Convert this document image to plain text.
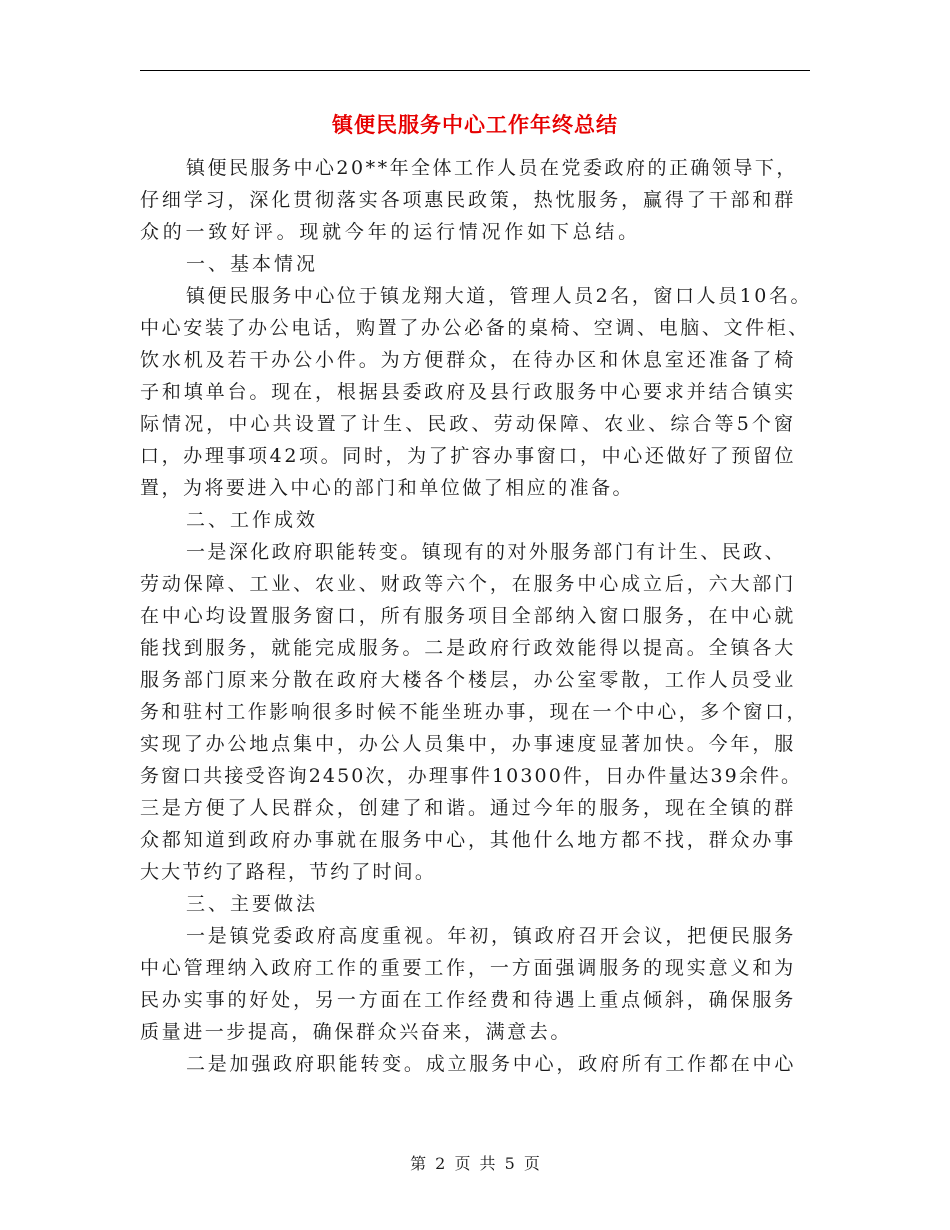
镇便民服务中心工作年终总结
镇便民服务中心20**年全体工作人员在党委政府的正确领导下，
仔细学习，深化贯彻落实各项惠民政策，热忱服务，赢得了干部和群
众的一致好评。现就今年的运行情况作如下总结。
一、基本情况
镇便民服务中心位于镇龙翔大道，管理人员2名，窗口人员10名。
中心安装了办公电话，购置了办公必备的桌椅、空调、电脑、文件柜、
饮水机及若干办公小件。为方便群众，在待办区和休息室还准备了椅
子和填单台。现在，根据县委政府及县行政服务中心要求并结合镇实
际情况，中心共设置了计生、民政、劳动保障、农业、综合等5个窗
口，办理事项42项。同时，为了扩容办事窗口，中心还做好了预留位
置，为将要进入中心的部门和单位做了相应的准备。
二、工作成效
一是深化政府职能转变。镇现有的对外服务部门有计生、民政、
劳动保障、工业、农业、财政等六个，在服务中心成立后，六大部门
在中心均设置服务窗口，所有服务项目全部纳入窗口服务，在中心就
能找到服务，就能完成服务。二是政府行政效能得以提高。全镇各大
服务部门原来分散在政府大楼各个楼层，办公室零散，工作人员受业
务和驻村工作影响很多时候不能坐班办事，现在一个中心，多个窗口，
实现了办公地点集中，办公人员集中，办事速度显著加快。今年，服
务窗口共接受咨询2450次，办理事件10300件，日办件量达39余件。
三是方便了人民群众，创建了和谐。通过今年的服务，现在全镇的群
众都知道到政府办事就在服务中心，其他什么地方都不找，群众办事
大大节约了路程，节约了时间。
三、主要做法
一是镇党委政府高度重视。年初，镇政府召开会议，把便民服务
中心管理纳入政府工作的重要工作，一方面强调服务的现实意义和为
民办实事的好处，另一方面在工作经费和待遇上重点倾斜，确保服务
质量进一步提高，确保群众兴奋来，满意去。
二是加强政府职能转变。成立服务中心，政府所有工作都在中心
第 2 页 共 5 页
